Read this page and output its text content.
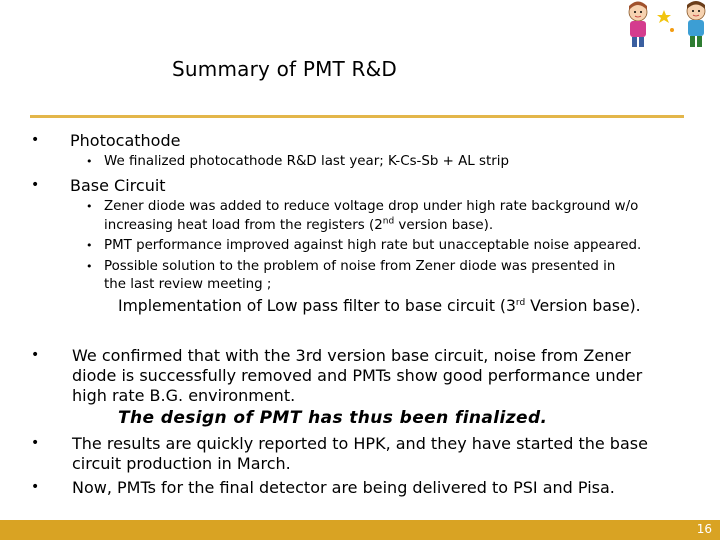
Summary of PMT R&D
• Photocathode
• We finalized photocathode R&D last year; K-Cs-Sb + AL strip
• Base Circuit
• Zener diode was added to reduce voltage drop under high rate background w/o
increasing heat load from the registers (2nd version base).
• PMT performance improved against high rate but unacceptable noise appeared.
• Possible solution to the problem of noise from Zener diode was presented in
the last review meeting ;
Implementation of Low pass filter to base circuit (3rd Version base).
• We confirmed that with the 3rd version base circuit, noise from Zener
diode is successfully removed and PMTs show good performance under
high rate B.G. environment.
The design of PMT has thus been finalized.
• The results are quickly reported to HPK, and they have started the base
circuit production in March.
• Now, PMTs for the final detector are being delivered to PSI and Pisa.
16
